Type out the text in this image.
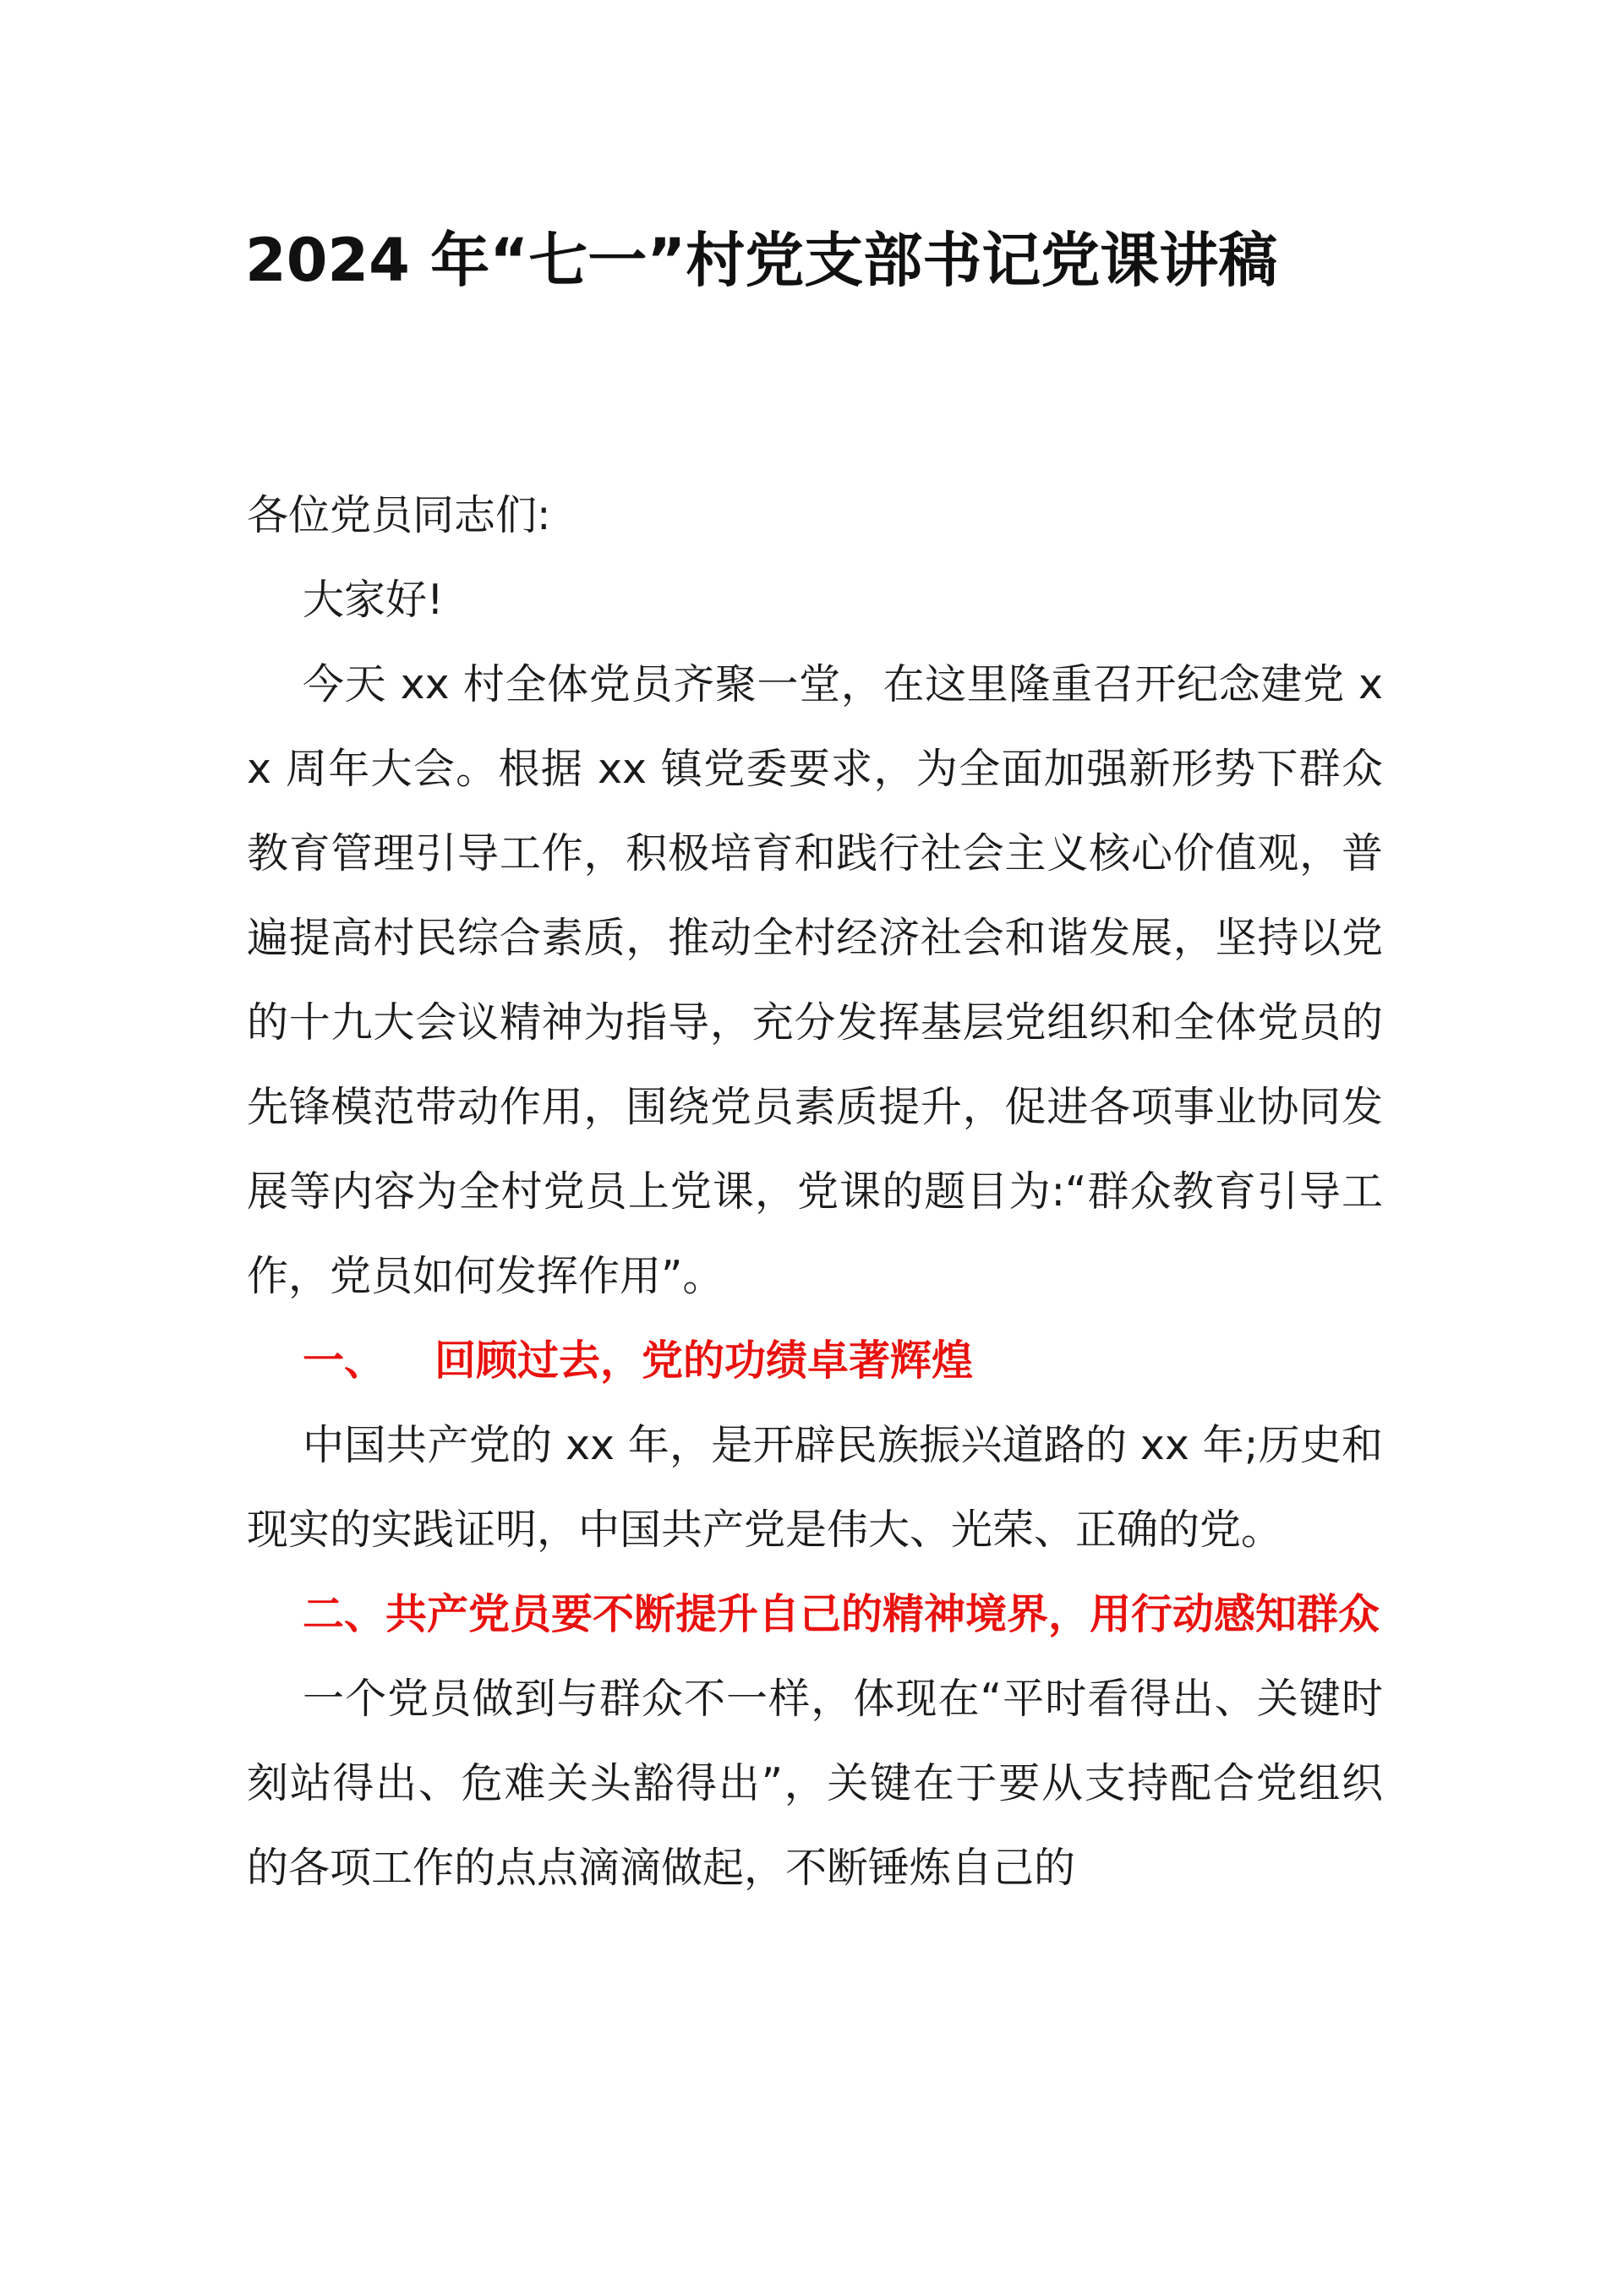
2024 年“七一”村党支部书记党课讲稿

各位党员同志们:

大家好!

今天 xx 村全体党员齐聚一堂，在这里隆重召开纪念建党 xx 周年大会。根据 xx 镇党委要求，为全面加强新形势下群众教育管理引导工作，积极培育和践行社会主义核心价值观，普遍提高村民综合素质，推动全村经济社会和谐发展，坚持以党的十九大会议精神为指导，充分发挥基层党组织和全体党员的先锋模范带动作用，围绕党员素质提升，促进各项事业协同发展等内容为全村党员上党课，党课的题目为:“群众教育引导工作，党员如何发挥作用”。

一、 回顾过去，党的功绩卓著辉煌

中国共产党的 xx 年，是开辟民族振兴道路的 xx 年;历史和现实的实践证明，中国共产党是伟大、光荣、正确的党。

二、共产党员要不断提升自己的精神境界，用行动感知群众

一个党员做到与群众不一样，体现在“平时看得出、关键时刻站得出、危难关头豁得出”，关键在于要从支持配合党组织的各项工作的点点滴滴做起，不断锤炼自己的
